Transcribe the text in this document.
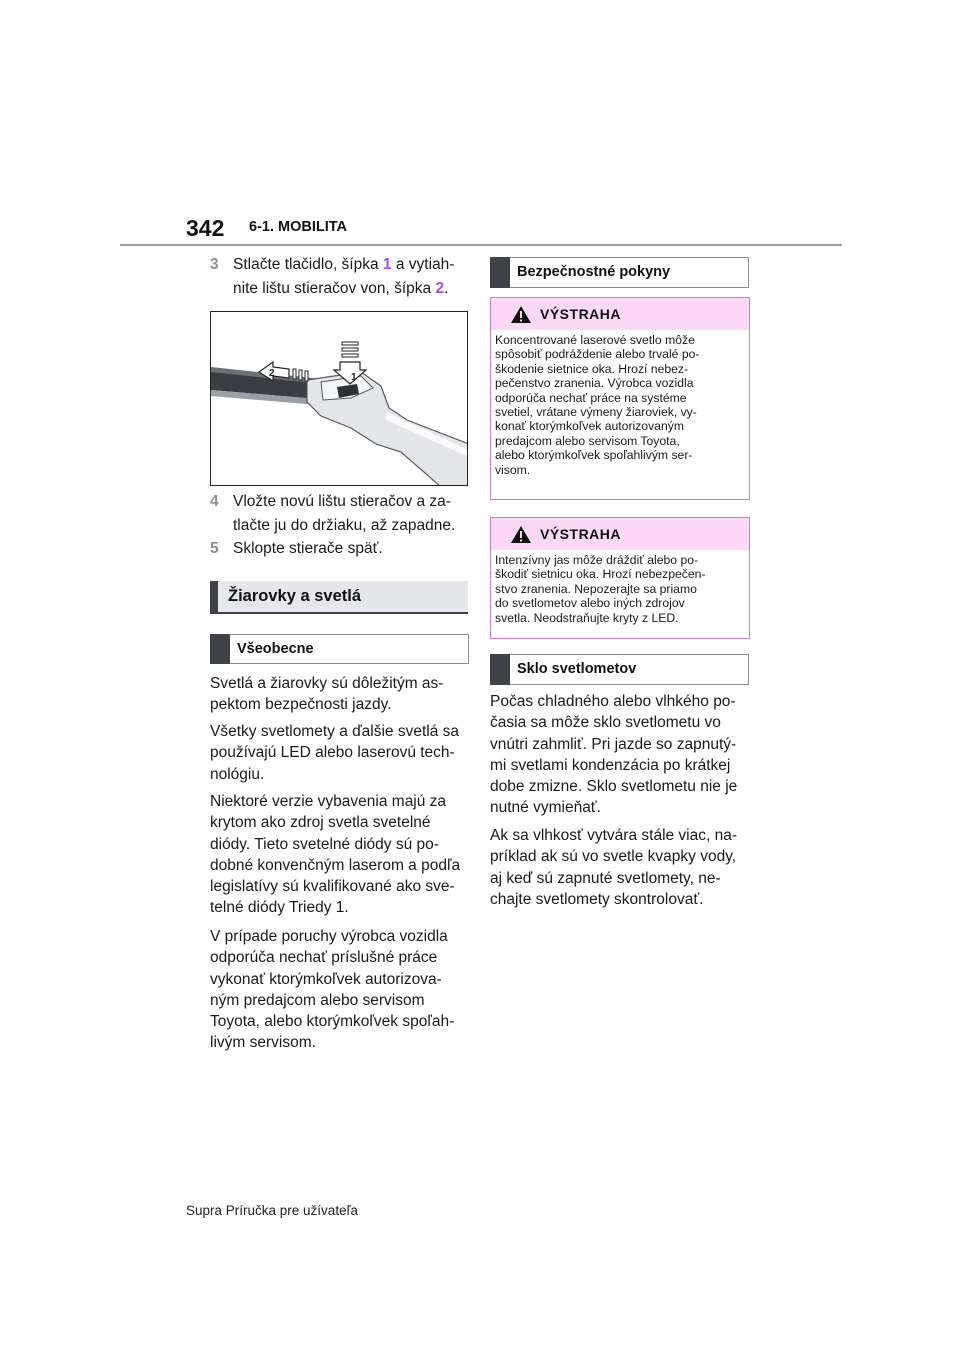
342 6-1. MOBILITA
3 Stlačte tlačidlo, šípka 1 a vytiah-
nite lištu stieračov von, šípka 2.
1
2
4 Vložte novú lištu stieračov a za-
tlačte ju do držiaku, až zapadne.
5 Sklopte stierače späť.
Žiarovky a svetlá
Všeobecne
Svetlá a žiarovky sú dôležitým as-
pektom bezpečnosti jazdy.
Všetky svetlomety a ďalšie svetlá sa
používajú LED alebo laserovú tech-
nológiu.
Niektoré verzie vybavenia majú za
krytom ako zdroj svetla svetelné
diódy. Tieto svetelné diódy sú po-
dobné konvenčným laserom a podľa
legislatívy sú kvalifikované ako sve-
telné diódy Triedy 1.
V prípade poruchy výrobca vozidla
odporúča nechať príslušné práce
vykonať ktorýmkoľvek autorizova-
ným predajcom alebo servisom
Toyota, alebo ktorýmkoľvek spoľah-
livým servisom.
Bezpečnostné pokyny
VÝSTRAHA
Koncentrované laserové svetlo môže
spôsobiť podráždenie alebo trvalé po-
škodenie sietnice oka. Hrozí nebez-
pečenstvo zranenia. Výrobca vozidla
odporúča nechať práce na systéme
svetiel, vrátane výmeny žiaroviek, vy-
konať ktorýmkoľvek autorizovaným
predajcom alebo servisom Toyota,
alebo ktorýmkoľvek spoľahlivým ser-
visom.
VÝSTRAHA
Intenzívny jas môže dráždiť alebo po-
škodiť sietnicu oka. Hrozí nebezpečen-
stvo zranenia. Nepozerajte sa priamo
do svetlometov alebo iných zdrojov
svetla. Neodstraňujte kryty z LED.
Sklo svetlometov
Počas chladného alebo vlhkého po-
časia sa môže sklo svetlometu vo
vnútri zahmliť. Pri jazde so zapnutý-
mi svetlami kondenzácia po krátkej
dobe zmizne. Sklo svetlometu nie je
nutné vymieňať.
Ak sa vlhkosť vytvára stále viac, na-
príklad ak sú vo svetle kvapky vody,
aj keď sú zapnuté svetlomety, ne-
chajte svetlomety skontrolovať.
Supra Príručka pre užívateľa
